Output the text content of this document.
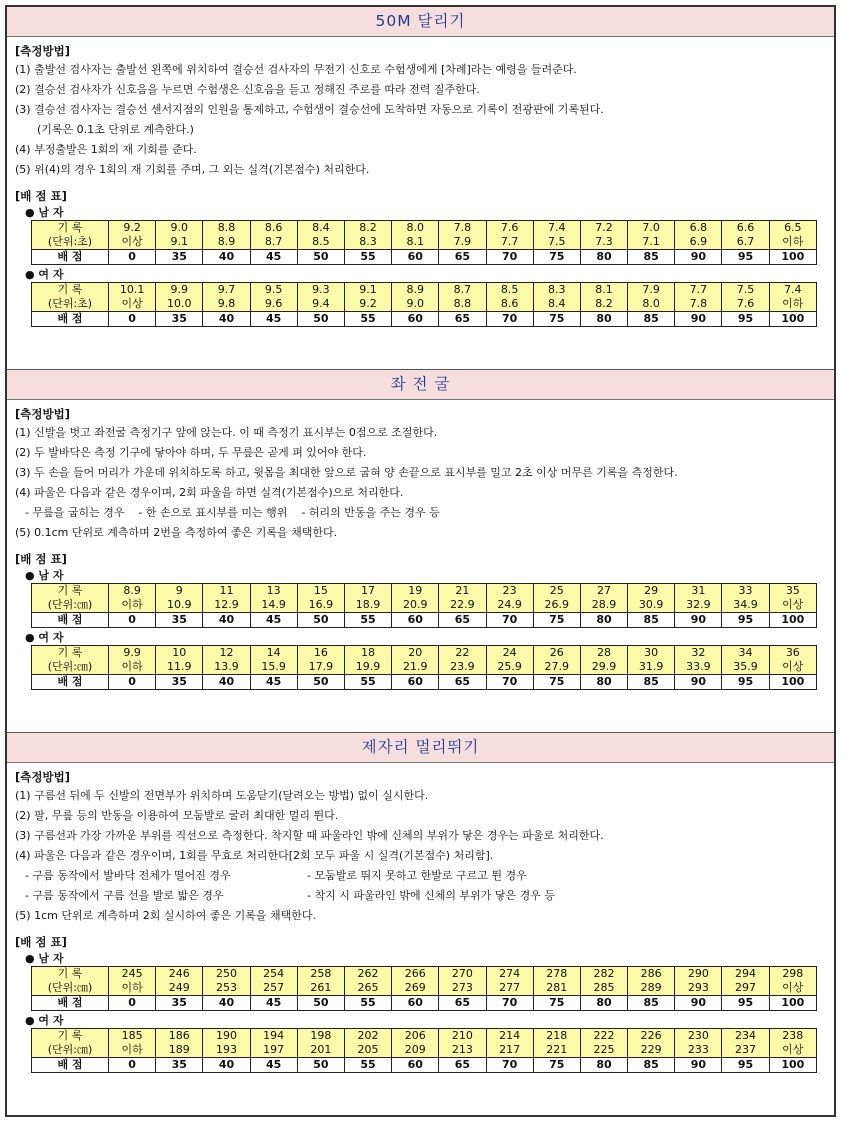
50M 달리기
[측정방법]
(1) 출발선 검사자는 출발선 왼쪽에 위치하여 결승선 검사자의 무전기 신호로 수험생에게 [차례]라는 예령을 들려준다.
(2) 결승선 검사자가 신호음을 누르면 수험생은 신호음을 듣고 정해진 주로를 따라 전력 질주한다.
(3) 결승선 검사자는 결승선 센서지점의 인원을 통제하고, 수험생이 결승선에 도착하면 자동으로 기록이 전광판에 기록된다.
(기록은 0.1초 단위로 계측한다.)
(4) 부정출발은 1회의 재 기회를 준다.
(5) 위(4)의 경우 1회의 재 기회를 주며, 그 외는 실격(기본점수) 처리한다.
[배 점 표]
● 남 자
기 록	9.2	9.0	8.8	8.6	8.4	8.2	8.0	7.8	7.6	7.4	7.2	7.0	6.8	6.6	6.5
(단위:초)	이상	~ 9.1	~ 8.9	~ 8.7	~ 8.5	~ 8.3	~ 8.1	~ 7.9	~ 7.7	~ 7.5	~ 7.3	~ 7.1	~ 6.9	~ 6.7	이하
배 점	0	35	40	45	50	55	60	65	70	75	80	85	90	95	100
● 여 자
기 록	10.1	9.9	9.7	9.5	9.3	9.1	8.9	8.7	8.5	8.3	8.1	7.9	7.7	7.5	7.4
(단위:초)	이상	~ 10.0	~ 9.8	~ 9.6	~ 9.4	~ 9.2	~ 9.0	~ 8.8	~ 8.6	~ 8.4	~ 8.2	~ 8.0	~ 7.8	~ 7.6	이하
배 점	0	35	40	45	50	55	60	65	70	75	80	85	90	95	100
좌 전 굴
[측정방법]
(1) 신발을 벗고 좌전굴 측정기구 앞에 앉는다. 이 때 측정기 표시부는 0점으로 조절한다.
(2) 두 발바닥은 측정 기구에 닿아야 하며, 두 무릎은 곧게 펴 있어야 한다.
(3) 두 손을 들어 머리가 가운데 위치하도록 하고, 윗몸을 최대한 앞으로 굽혀 양 손끝으로 표시부를 밀고 2초 이상 머무른 기록을 측정한다.
(4) 파울은 다음과 같은 경우이며, 2회 파울을 하면 실격(기본점수)으로 처리한다.
- 무릎을 굽히는 경우    - 한 손으로 표시부를 미는 행위    - 허리의 반동을 주는 경우 등
(5) 0.1cm 단위로 계측하며 2번을 측정하여 좋은 기록을 채택한다.
[배 점 표]
● 남 자
기 록	8.9	9	11	13	15	17	19	21	23	25	27	29	31	33	35
(단위:㎝)	이하	~ 10.9	~ 12.9	~ 14.9	~ 16.9	~ 18.9	~ 20.9	~ 22.9	~ 24.9	~ 26.9	~ 28.9	~ 30.9	~ 32.9	~ 34.9	이상
배 점	0	35	40	45	50	55	60	65	70	75	80	85	90	95	100
● 여 자
기 록	9.9	10	12	14	16	18	20	22	24	26	28	30	32	34	36
(단위:㎝)	이하	~ 11.9	~ 13.9	~ 15.9	~ 17.9	~ 19.9	~ 21.9	~ 23.9	~ 25.9	~ 27.9	~ 29.9	~ 31.9	~ 33.9	~ 35.9	이상
배 점	0	35	40	45	50	55	60	65	70	75	80	85	90	95	100
제자리 멀리뛰기
[측정방법]
(1) 구름선 뒤에 두 신발의 전면부가 위치하며 도움닫기(달려오는 방법) 없이 실시한다.
(2) 팔, 무릎 등의 반동을 이용하여 모둠발로 굴러 최대한 멀리 뛴다.
(3) 구름선과 가장 가까운 부위를 직선으로 측정한다. 착지할 때 파울라인 밖에 신체의 부위가 닿은 경우는 파울로 처리한다.
(4) 파울은 다음과 같은 경우이며, 1회를 무효로 처리한다[2회 모두 파울 시 실격(기본점수) 처리함].
- 구름 동작에서 발바닥 전체가 떨어진 경우	- 모둠발로 뛰지 못하고 한발로 구르고 뛴 경우
- 구름 동작에서 구름 선을 발로 밟은 경우	- 착지 시 파울라인 밖에 신체의 부위가 닿은 경우 등
(5) 1cm 단위로 계측하며 2회 실시하여 좋은 기록을 채택한다.
[배 점 표]
● 남 자
기 록	245	246	250	254	258	262	266	270	274	278	282	286	290	294	298
(단위:㎝)	이하	~ 249	~ 253	~ 257	~ 261	~ 265	~ 269	~ 273	~ 277	~ 281	~ 285	~ 289	~ 293	~ 297	이상
배 점	0	35	40	45	50	55	60	65	70	75	80	85	90	95	100
● 여 자
기 록	185	186	190	194	198	202	206	210	214	218	222	226	230	234	238
(단위:㎝)	이하	~ 189	~ 193	~ 197	~ 201	~ 205	~ 209	~ 213	~ 217	~ 221	~ 225	~ 229	~ 233	~ 237	이상
배 점	0	35	40	45	50	55	60	65	70	75	80	85	90	95	100
